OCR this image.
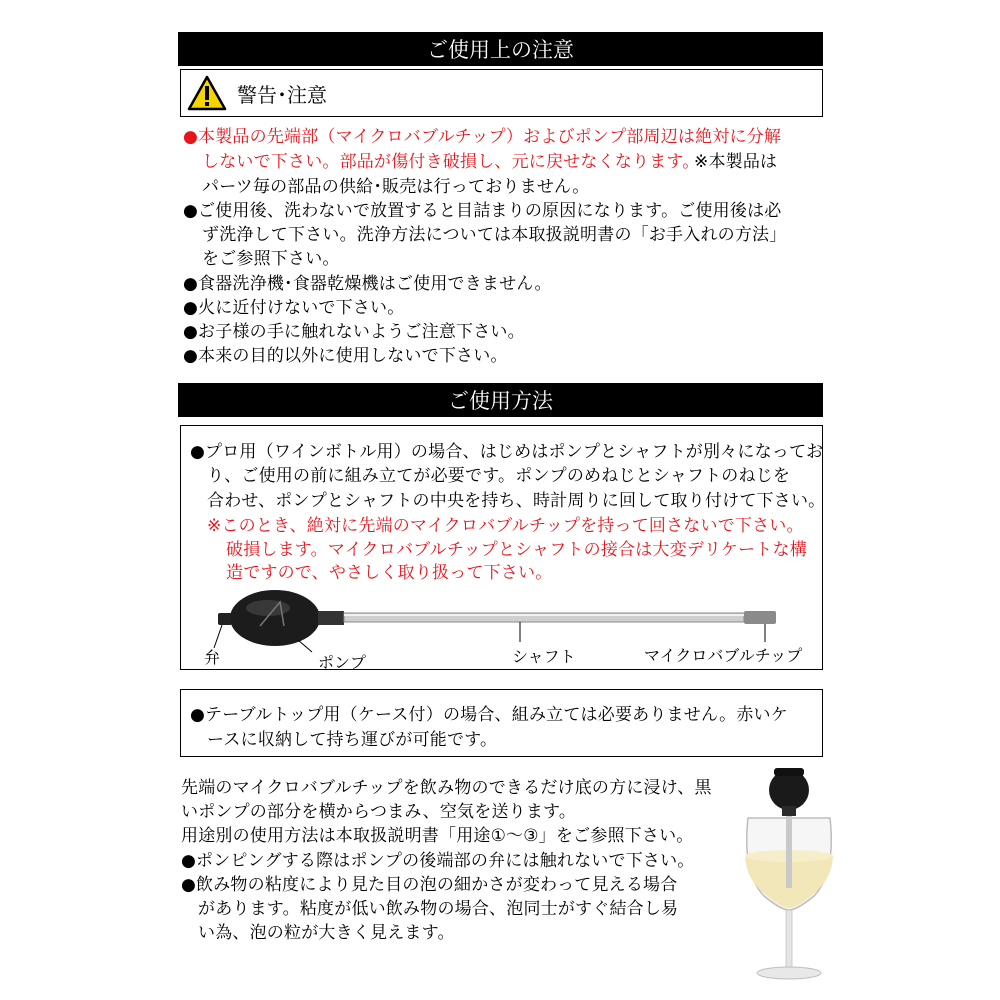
ご使用上の注意
警告･注意
●本製品の先端部（マイクロバブルチップ）およびポンプ部周辺は絶対に分解
しないで下さい。部品が傷付き破損し、元に戻せなくなります。
※本製品は
パーツ毎の部品の供給･販売は行っておりません。
●ご使用後、洗わないで放置すると目詰まりの原因になります。ご使用後は必
ず洗浄して下さい。洗浄方法については本取扱説明書の「お手入れの方法」
をご参照下さい。
●食器洗浄機･食器乾燥機はご使用できません。
●火に近付けないで下さい。
●お子様の手に触れないようご注意下さい。
●本来の目的以外に使用しないで下さい。
ご使用方法
●プロ用（ワインボトル用）の場合、はじめはポンプとシャフトが別々になってお
り、ご使用の前に組み立てが必要です。ポンプのめねじとシャフトのねじを
合わせ、ポンプとシャフトの中央を持ち、時計周りに回して取り付けて下さい。
※このとき、絶対に先端のマイクロバブルチップを持って回さないで下さい。
破損します。マイクロバブルチップとシャフトの接合は大変デリケートな構
造ですので、やさしく取り扱って下さい。
弁	ポンプ	シャフト	マイクロバブルチップ
●テーブルトップ用（ケース付）の場合、組み立ては必要ありません。赤いケ
ースに収納して持ち運びが可能です。
先端のマイクロバブルチップを飲み物のできるだけ底の方に浸け、黒
いポンプの部分を横からつまみ、空気を送ります。
用途別の使用方法は本取扱説明書「用途①～③」をご参照下さい。
●ポンピングする際はポンプの後端部の弁には触れないで下さい。
●飲み物の粘度により見た目の泡の細かさが変わって見える場合
があります。粘度が低い飲み物の場合、泡同士がすぐ結合し易
い為、泡の粒が大きく見えます。
